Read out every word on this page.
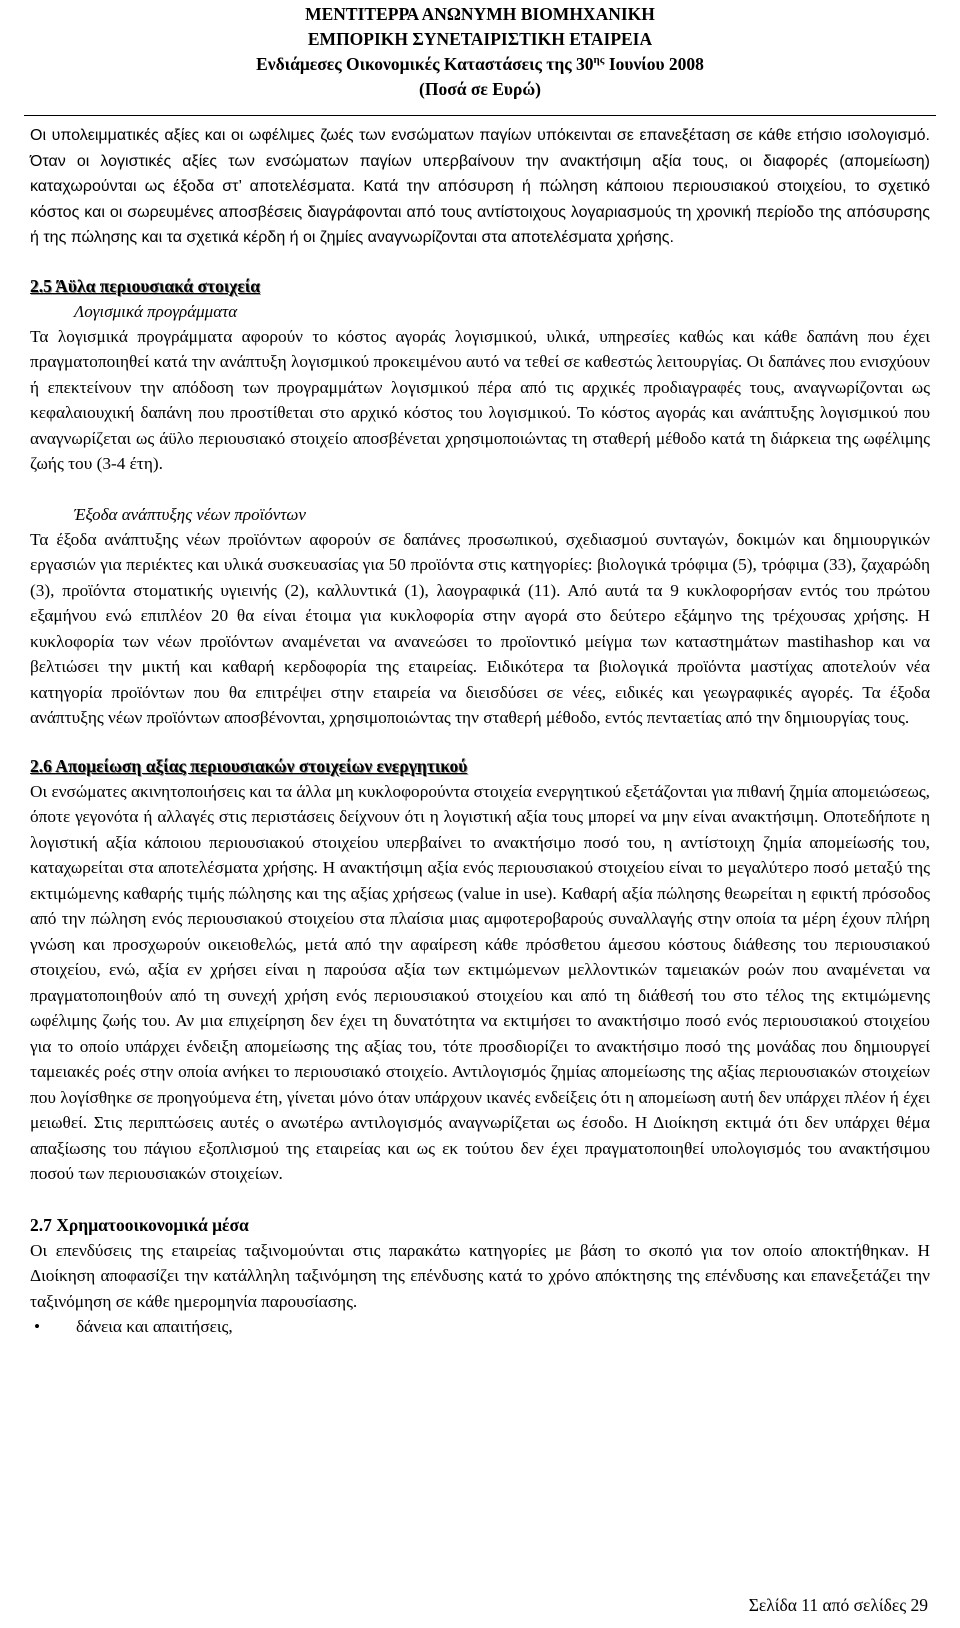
ΜΕΝΤΙΤΕΡΡΑ ΑΝΩΝΥΜΗ ΒΙΟΜΗΧΑΝΙΚΗ
ΕΜΠΟΡΙΚΗ ΣΥΝΕΤΑΙΡΙΣΤΙΚΗ ΕΤΑΙΡΕΙΑ
Ενδιάμεσες Οικονομικές Καταστάσεις της $30^{\eta\varsigma}$ Ιουνίου 2008
(Ποσά σε Ευρώ)

Οι υπολειμματικές αξίες και οι ωφέλιμες ζωές των ενσώματων παγίων υπόκεινται σε επανεξέταση σε κάθε ετήσιο ισολογισμό. Όταν οι λογιστικές αξίες των ενσώματων παγίων υπερβαίνουν την ανακτήσιμη αξία τους, οι διαφορές (απομείωση) καταχωρούνται ως έξοδα στ’ αποτελέσματα. Κατά την απόσυρση ή πώληση κάποιου περιουσιακού στοιχείου, το σχετικό κόστος και οι σωρευμένες αποσβέσεις διαγράφονται από τους αντίστοιχους λογαριασμούς τη χρονική περίοδο της απόσυρσης ή της πώλησης και τα σχετικά κέρδη ή οι ζημίες αναγνωρίζονται στα αποτελέσματα χρήσης.

2.5 Άϋλα περιουσιακά στοιχεία
Λογισμικά προγράμματα

Τα λογισμικά προγράμματα αφορούν το κόστος αγοράς λογισμικού, υλικά, υπηρεσίες καθώς και κάθε δαπάνη που έχει πραγματοποιηθεί κατά την ανάπτυξη λογισμικού προκειμένου αυτό να τεθεί σε καθεστώς λειτουργίας. Οι δαπάνες που ενισχύουν ή επεκτείνουν την απόδοση των προγραμμάτων λογισμικού πέρα από τις αρχικές προδιαγραφές τους, αναγνωρίζονται ως κεφαλαιουχική δαπάνη που προστίθεται στο αρχικό κόστος του λογισμικού. Το κόστος αγοράς και ανάπτυξης λογισμικού που αναγνωρίζεται ως άϋλο περιουσιακό στοιχείο αποσβένεται χρησιμοποιώντας τη σταθερή μέθοδο κατά τη διάρκεια της ωφέλιμης ζωής του (3-4 έτη).

Έξοδα ανάπτυξης νέων προϊόντων

Τα έξοδα ανάπτυξης νέων προϊόντων αφορούν σε δαπάνες προσωπικού, σχεδιασμού συνταγών, δοκιμών και δημιουργικών εργασιών για περιέκτες και υλικά συσκευασίας για 50 προϊόντα στις κατηγορίες: βιολογικά τρόφιμα (5), τρόφιμα (33), ζαχαρώδη (3), προϊόντα στοματικής υγιεινής (2), καλλυντικά (1), λαογραφικά (11). Από αυτά τα 9 κυκλοφορήσαν εντός του πρώτου εξαμήνου ενώ επιπλέον 20 θα είναι έτοιμα για κυκλοφορία στην αγορά στο δεύτερο εξάμηνο της τρέχουσας χρήσης. Η κυκλοφορία των νέων προϊόντων αναμένεται να ανανεώσει το προϊοντικό μείγμα των καταστημάτων mastihashop και να βελτιώσει την μικτή και καθαρή κερδοφορία της εταιρείας. Ειδικότερα τα βιολογικά προϊόντα μαστίχας αποτελούν νέα κατηγορία προϊόντων που θα επιτρέψει στην εταιρεία να διεισδύσει σε νέες, ειδικές και γεωγραφικές αγορές. Τα έξοδα ανάπτυξης νέων προϊόντων αποσβένονται, χρησιμοποιώντας την σταθερή μέθοδο, εντός πενταετίας από την δημιουργίας τους.

2.6 Απομείωση αξίας περιουσιακών στοιχείων ενεργητικού

Οι ενσώματες ακινητοποιήσεις και τα άλλα μη κυκλοφορούντα στοιχεία ενεργητικού εξετάζονται για πιθανή ζημία απομειώσεως, όποτε γεγονότα ή αλλαγές στις περιστάσεις δείχνουν ότι η λογιστική αξία τους μπορεί να μην είναι ανακτήσιμη. Οποτεδήποτε η λογιστική αξία κάποιου περιουσιακού στοιχείου υπερβαίνει το ανακτήσιμο ποσό του, η αντίστοιχη ζημία απομείωσής του, καταχωρείται στα αποτελέσματα χρήσης. Η ανακτήσιμη αξία ενός περιουσιακού στοιχείου είναι το μεγαλύτερο ποσό μεταξύ της εκτιμώμενης καθαρής τιμής πώλησης και της αξίας χρήσεως (value in use). Καθαρή αξία πώλησης θεωρείται η εφικτή πρόσοδος από την πώληση ενός περιουσιακού στοιχείου στα πλαίσια μιας αμφοτεροβαρούς συναλλαγής στην οποία τα μέρη έχουν πλήρη γνώση και προσχωρούν οικειοθελώς, μετά από την αφαίρεση κάθε πρόσθετου άμεσου κόστους διάθεσης του περιουσιακού στοιχείου, ενώ, αξία εν χρήσει είναι η παρούσα αξία των εκτιμώμενων μελλοντικών ταμειακών ροών που αναμένεται να πραγματοποιηθούν από τη συνεχή χρήση ενός περιουσιακού στοιχείου και από τη διάθεσή του στο τέλος της εκτιμώμενης ωφέλιμης ζωής του. Αν μια επιχείρηση δεν έχει τη δυνατότητα να εκτιμήσει το ανακτήσιμο ποσό ενός περιουσιακού στοιχείου για το οποίο υπάρχει ένδειξη απομείωσης της αξίας του, τότε προσδιορίζει το ανακτήσιμο ποσό της μονάδας που δημιουργεί ταμειακές ροές στην οποία ανήκει το περιουσιακό στοιχείο. Αντιλογισμός ζημίας απομείωσης της αξίας περιουσιακών στοιχείων που λογίσθηκε σε προηγούμενα έτη, γίνεται μόνο όταν υπάρχουν ικανές ενδείξεις ότι η απομείωση αυτή δεν υπάρχει πλέον ή έχει μειωθεί. Στις περιπτώσεις αυτές ο ανωτέρω αντιλογισμός αναγνωρίζεται ως έσοδο. Η Διοίκηση εκτιμά ότι δεν υπάρχει θέμα απαξίωσης του πάγιου εξοπλισμού της εταιρείας και ως εκ τούτου δεν έχει πραγματοποιηθεί υπολογισμός του ανακτήσιμου ποσού των περιουσιακών στοιχείων.

2.7 Χρηματοοικονομικά μέσα

Οι επενδύσεις της εταιρείας ταξινομούνται στις παρακάτω κατηγορίες με βάση το σκοπό για τον οποίο αποκτήθηκαν. Η Διοίκηση αποφασίζει την κατάλληλη ταξινόμηση της επένδυσης κατά το χρόνο απόκτησης της επένδυσης και επανεξετάζει την ταξινόμηση σε κάθε ημερομηνία παρουσίασης.

• δάνεια και απαιτήσεις,
Σελίδα 11 από σελίδες 29
